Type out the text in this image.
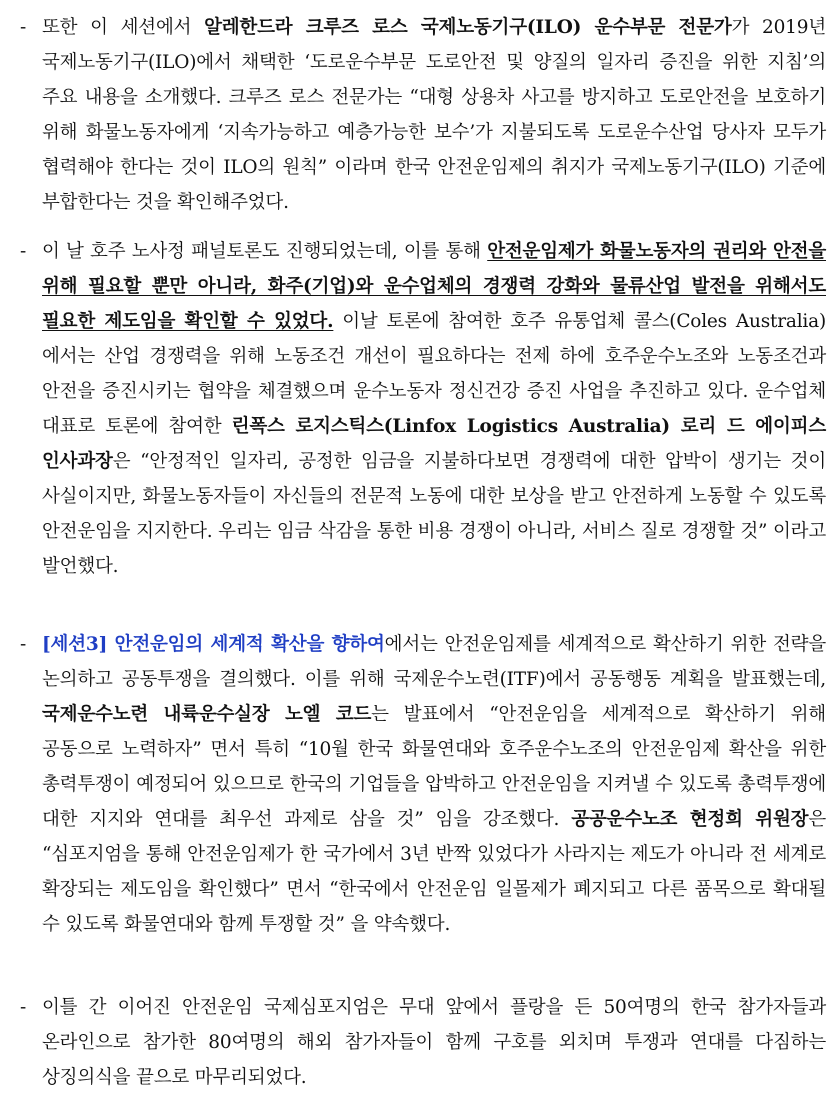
- 또한 이 세션에서 알레한드라 크루즈 로스 국제노동기구(ILO) 운수부문 전문가가 2019년 국제노동기구(ILO)에서 채택한 ‘도로운수부문 도로안전 및 양질의 일자리 증진을 위한 지침’의 주요 내용을 소개했다. 크루즈 로스 전문가는 “대형 상용차 사고를 방지하고 도로안전을 보호하기 위해 화물노동자에게 ‘지속가능하고 예층가능한 보수’가 지불되도록 도로운수산업 당사자 모두가 협력해야 한다는 것이 ILO의 원칙” 이라며 한국 안전운임제의 취지가 국제노동기구(ILO) 기준에 부합한다는 것을 확인해주었다.
- 이 날 호주 노사정 패널토론도 진행되었는데, 이를 통해 안전운임제가 화물노동자의 권리와 안전을 위해 필요할 뿐만 아니라, 화주(기업)와 운수업체의 경쟁력 강화와 물류산업 발전을 위해서도 필요한 제도임을 확인할 수 있었다. 이날 토론에 참여한 호주 유통업체 콜스(Coles Australia)에서는 산업 경쟁력을 위해 노동조건 개선이 필요하다는 전제 하에 호주운수노조와 노동조건과 안전을 증진시키는 협약을 체결했으며 운수노동자 정신건강 증진 사업을 추진하고 있다. 운수업체 대표로 토론에 참여한 린폭스 로지스틱스(Linfox Logistics Australia) 로리 드 에이피스 인사과장은 “안정적인 일자리, 공정한 임금을 지불하다보면 경쟁력에 대한 압박이 생기는 것이 사실이지만, 화물노동자들이 자신들의 전문적 노동에 대한 보상을 받고 안전하게 노동할 수 있도록 안전운임을 지지한다. 우리는 임금 삭감을 통한 비용 경쟁이 아니라, 서비스 질로 경쟁할 것” 이라고 발언했다.
- [세션3] 안전운임의 세계적 확산을 향하여에서는 안전운임제를 세계적으로 확산하기 위한 전략을 논의하고 공동투쟁을 결의했다. 이를 위해 국제운수노련(ITF)에서 공동행동 계획을 발표했는데, 국제운수노련 내륙운수실장 노엘 코드는 발표에서 “안전운임을 세계적으로 확산하기 위해 공동으로 노력하자” 면서 특히 “10월 한국 화물연대와 호주운수노조의 안전운임제 확산을 위한 총력투쟁이 예정되어 있으므로 한국의 기업들을 압박하고 안전운임을 지켜낼 수 있도록 총력투쟁에 대한 지지와 연대를 최우선 과제로 삼을 것” 임을 강조했다. 공공운수노조 현정희 위원장은 “심포지엄을 통해 안전운임제가 한 국가에서 3년 반짝 있었다가 사라지는 제도가 아니라 전 세계로 확장되는 제도임을 확인했다” 면서 “한국에서 안전운임 일몰제가 폐지되고 다른 품목으로 확대될 수 있도록 화물연대와 함께 투쟁할 것” 을 약속했다.
- 이틀 간 이어진 안전운임 국제심포지엄은 무대 앞에서 플랑을 든 50여명의 한국 참가자들과 온라인으로 참가한 80여명의 해외 참가자들이 함께 구호를 외치며 투쟁과 연대를 다짐하는 상징의식을 끝으로 마무리되었다.
